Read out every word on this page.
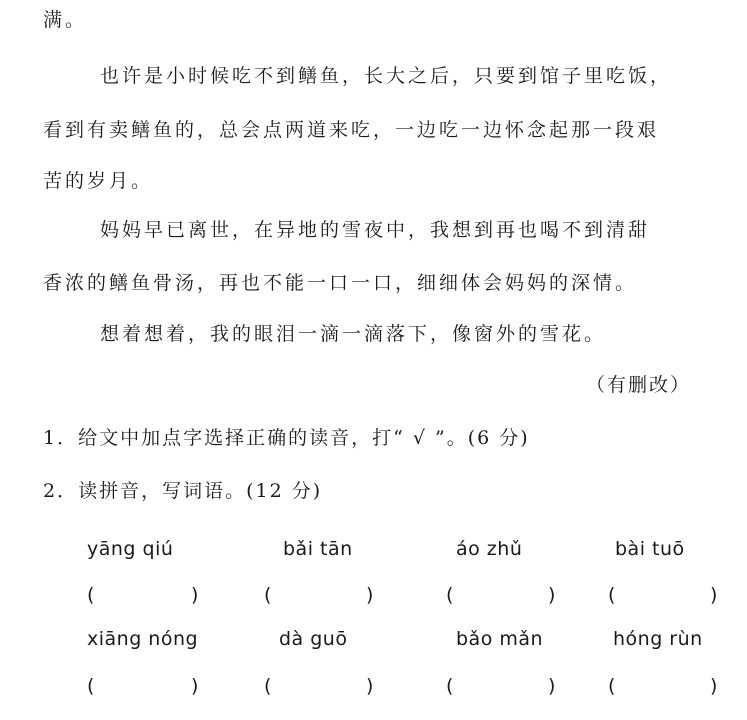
满。
也许是小时候吃不到鳝鱼，长大之后，只要到馆子里吃饭，
看到有卖鳝鱼的，总会点两道来吃，一边吃一边怀念起那一段艰
苦的岁月。
妈妈早已离世，在异地的雪夜中，我想到再也喝不到清甜
香浓的鳝鱼骨汤，再也不能一口一口，细细体会妈妈的深情。
想着想着，我的眼泪一滴一滴落下，像窗外的雪花。
（有删改）
1．给文中加点字选择正确的读音，打“ √ ”。(6 分)
2．读拼音，写词语。(12 分)
yāng qiú	bǎi tān	áo zhǔ	bài tuō
(	)	(	)	(	)	(	)
xiāng nóng	dà guō	bǎo mǎn	hóng rùn
(	)	(	)	(	)	(	)
